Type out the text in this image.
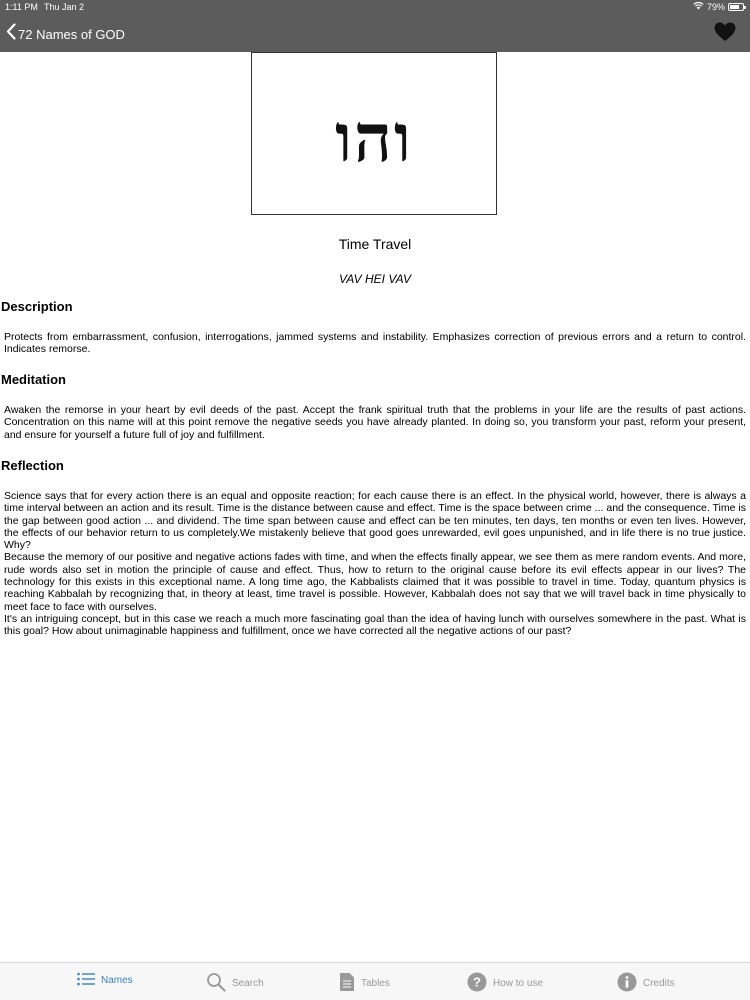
1:11 PM Thu Jan 2	79%
72 Names of GOD
והו
Time Travel
VAV HEI VAV
Description
Protects from embarrassment, confusion, interrogations, jammed systems and instability. Emphasizes correction of previous errors and a return to control. Indicates remorse.
Meditation
Awaken the remorse in your heart by evil deeds of the past. Accept the frank spiritual truth that the problems in your life are the results of past actions. Concentration on this name will at this point remove the negative seeds you have already planted. In doing so, you transform your past, reform your present, and ensure for yourself a future full of joy and fulfillment.
Reflection

Science says that for every action there is an equal and opposite reaction; for each cause there is an effect. In the physical world, however, there is always a time interval between an action and its result. Time is the distance between cause and effect. Time is the space between crime ... and the consequence. Time is the gap between good action ... and dividend. The time span between cause and effect can be ten minutes, ten days, ten months or even ten lives. However, the effects of our behavior return to us completely.We mistakenly believe that good goes unrewarded, evil goes unpunished, and in life there is no true justice. Why?

Because the memory of our positive and negative actions fades with time, and when the effects finally appear, we see them as mere random events. And more, rude words also set in motion the principle of cause and effect. Thus, how to return to the original cause before its evil effects appear in our lives? The technology for this exists in this exceptional name. A long time ago, the Kabbalists claimed that it was possible to travel in time. Today, quantum physics is reaching Kabbalah by recognizing that, in theory at least, time travel is possible. However, Kabbalah does not say that we will travel back in time physically to meet face to face with ourselves.

It's an intriguing concept, but in this case we reach a much more fascinating goal than the idea of having lunch with ourselves somewhere in the past. What is this goal? How about unimaginable happiness and fulfillment, once we have corrected all the negative actions of our past?

Names	Search	Tables	? How to use	Credits
